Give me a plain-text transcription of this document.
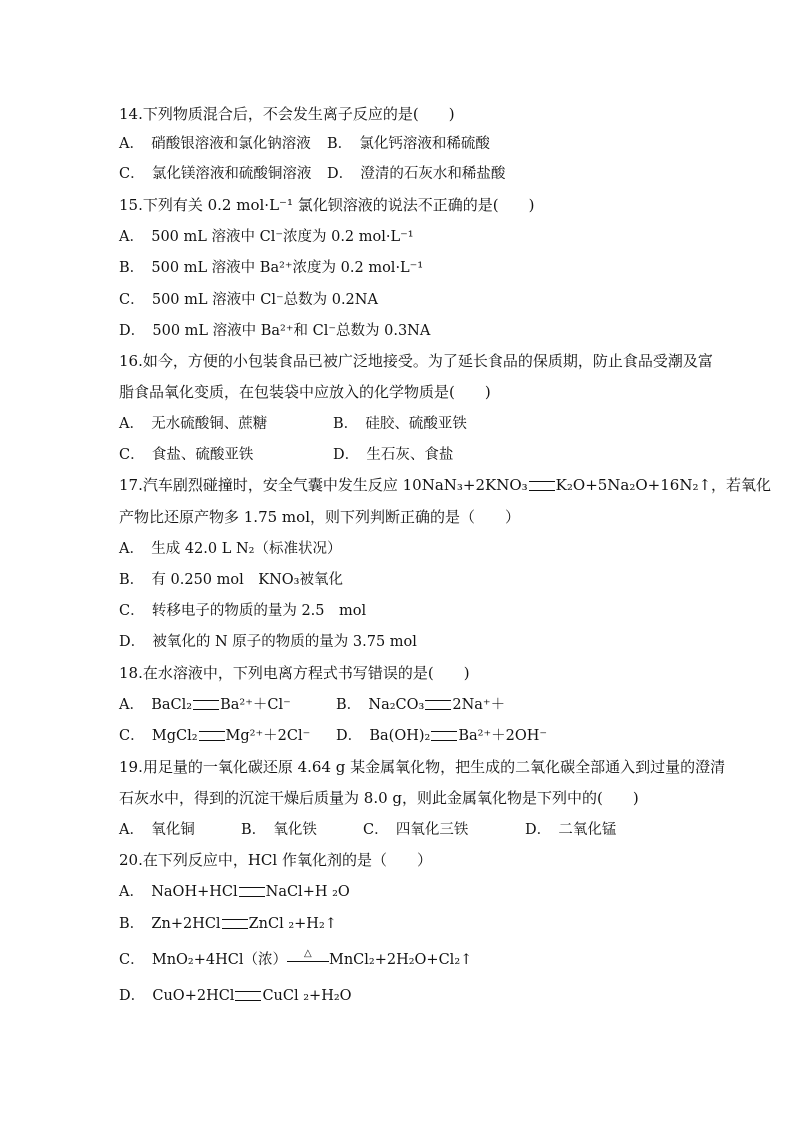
14.下列物质混合后，不会发生离子反应的是(　　)
A．　硝酸银溶液和氯化钠溶液 B．　氯化钙溶液和稀硫酸
C．　氯化镁溶液和硫酸铜溶液 D．　澄清的石灰水和稀盐酸
15.下列有关 0.2 mol·L⁻¹ 氯化钡溶液的说法不正确的是(　　)
A．　500 mL 溶液中 Cl⁻浓度为 0.2 mol·L⁻¹
B．　500 mL 溶液中 Ba²⁺浓度为 0.2 mol·L⁻¹
C．　500 mL 溶液中 Cl⁻总数为 0.2NA
D．　500 mL 溶液中 Ba²⁺和 Cl⁻总数为 0.3NA
16.如今，方便的小包装食品已被广泛地接受。为了延长食品的保质期，防止食品受潮及富
脂食品氧化变质，在包装袋中应放入的化学物质是(　　)
A．　无水硫酸铜、蔗糖	B．　硅胶、硫酸亚铁
C．　食盐、硫酸亚铁	D．　生石灰、食盐
17.汽车剧烈碰撞时，安全气囊中发生反应 10NaN₃+2KNO₃ K₂O+5Na₂O+16N₂↑，若氧化
产物比还原产物多 1.75 mol，则下列判断正确的是（　　）
A．　生成 42.0 L N₂（标准状况）
B．　有 0.250 mol　KNO₃被氧化
C．　转移电子的物质的量为 2.5　mol
D．　被氧化的 N 原子的物质的量为 3.75 mol
18.在水溶液中，下列电离方程式书写错误的是(　　)
A．　BaCl₂ Ba²⁺＋Cl⁻	B．　Na₂CO₃ 2Na⁺＋
C．　MgCl₂ Mg²⁺＋2Cl⁻ D．　Ba(OH)₂ Ba²⁺＋2OH⁻
19.用足量的一氧化碳还原 4.64 g 某金属氧化物，把生成的二氧化碳全部通入到过量的澄清
石灰水中，得到的沉淀干燥后质量为 8.0 g，则此金属氧化物是下列中的(　　)
A．　氧化铜	B．　氧化铁	C．　四氧化三铁	D．　二氧化锰
20.在下列反应中，HCl 作氧化剂的是（　　）
A．　NaOH+HCl NaCl+H ₂O
B．　Zn+2HCl ZnCl ₂+H₂↑
C．　MnO₂+4HCl（浓） △ MnCl₂+2H₂O+Cl₂↑
D．　CuO+2HCl CuCl ₂+H₂O
